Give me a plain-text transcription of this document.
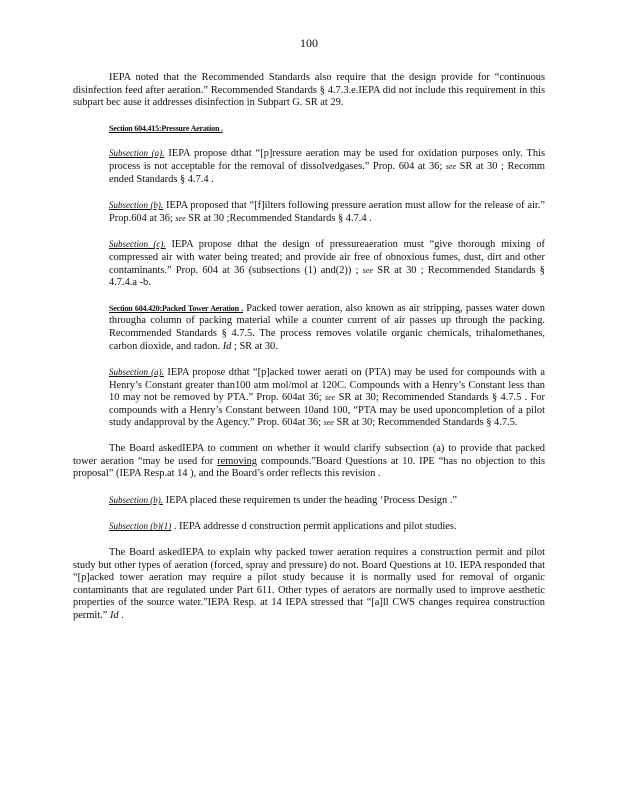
100

IEPA noted that the Recommended Standards also require that the design provide for “continuous disinfection feed after aeration.” Recommended Standards § 4.7.3.e.IEPA did not include this requirement in this subpart bec ause it addresses disinfection in Subpart G. SR at 29.

Section 604.415:Pressure Aeration .

Subsection (a). IEPA propose dthat “[p]ressure aeration may be used for oxidation purposes only. This process is not acceptable for the removal of dissolvedgases.” Prop. 604 at 36; see SR at 30 ; Recomm ended Standards § 4.7.4 .

Subsection (b). IEPA proposed that “[f]ilters following pressure aeration must allow for the release of air.” Prop.604 at 36; see SR at 30 ;Recommended Standards § 4.7.4 .

Subsection (c). IEPA propose dthat the design of pressureaeration must “give thorough mixing of compressed air with water being treated; and provide air free of obnoxious fumes, dust, dirt and other contaminants.” Prop. 604 at 36 (subsections (1) and(2)) ; see SR at 30 ; Recommended Standards § 4.7.4.a -b.

Section 604.420:Packed Tower Aeration . Packed tower aeration, also known as air stripping, passes water down througha column of packing material while a counter current of air passes up through the packing. Recommended Standards § 4.7.5. The process removes volatile organic chemicals, trihalomethanes, carbon dioxide, and radon. Id ; SR at 30.

Subsection (a). IEPA propose dthat “[p]acked tower aerati on (PTA) may be used for compounds with a Henry’s Constant greater than100 atm mol/mol at 120C. Compounds with a Henry’s Constant less than 10 may not be removed by PTA.” Prop. 604at 36; see SR at 30; Recommended Standards § 4.7.5 . For compounds with a Henry’s Constant between 10and 100, “PTA may be used uponcompletion of a pilot study andapproval by the Agency.” Prop. 604at 36; see SR at 30; Recommended Standards § 4.7.5.

The Board askedIEPA to comment on whether it would clarify subsection (a) to provide that packed tower aeration “may be used for removing compounds.”Board Questions at 10. IPE “has no objection to this proposal” (IEPA Resp.at 14 ), and the Board’s order reflects this revision .

Subsection (b). IEPA placed these requiremen ts under the heading ‘Process Design .”

Subsection (b)(1) . IEPA addresse d construction permit applications and pilot studies.

The Board askedIEPA to explain why packed tower aeration requires a construction permit and pilot study but other types of aeration (forced, spray and pressure) do not. Board Questions at 10. IEPA responded that “[p]acked tower aeration may require a pilot study because it is normally used for removal of organic contaminants that are regulated under Part 611. Other types of aerators are normally used to improve aesthetic properties of the source water.”IEPA Resp. at 14 IEPA stressed that “[a]ll CWS changes requirea construction permit.” Id .
